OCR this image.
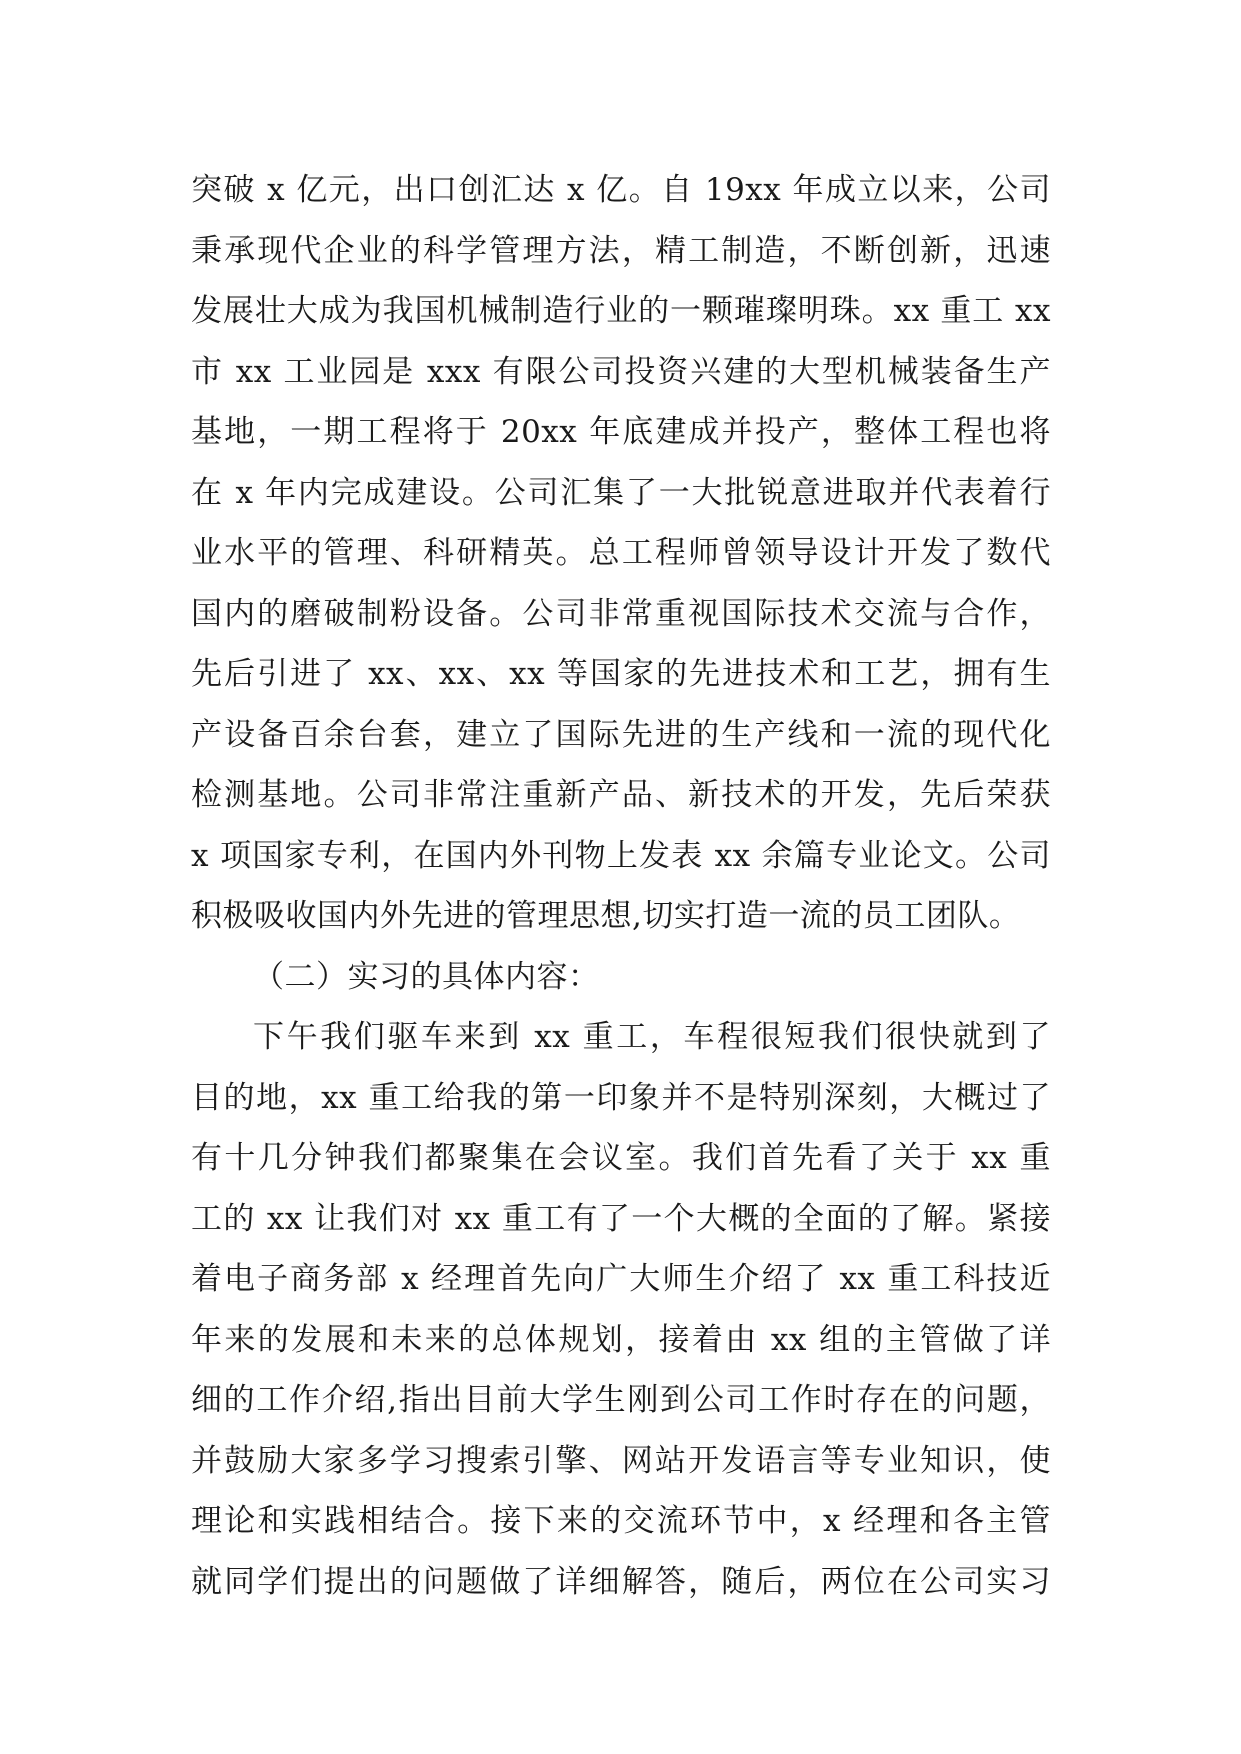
突破 x 亿元，出口创汇达 x 亿。自 19xx 年成立以来，公司
秉承现代企业的科学管理方法，精工制造，不断创新，迅速
发展壮大成为我国机械制造行业的一颗璀璨明珠。xx 重工 xx
市 xx 工业园是 xxx 有限公司投资兴建的大型机械装备生产
基地，一期工程将于 20xx 年底建成并投产，整体工程也将
在 x 年内完成建设。公司汇集了一大批锐意进取并代表着行
业水平的管理、科研精英。总工程师曾领导设计开发了数代
国内的磨破制粉设备。公司非常重视国际技术交流与合作，
先后引进了 xx、xx、xx 等国家的先进技术和工艺，拥有生
产设备百余台套，建立了国际先进的生产线和一流的现代化
检测基地。公司非常注重新产品、新技术的开发，先后荣获
x 项国家专利，在国内外刊物上发表 xx 余篇专业论文。公司
积极吸收国内外先进的管理思想,切实打造一流的员工团队。
（二）实习的具体内容：
下午我们驱车来到 xx 重工，车程很短我们很快就到了
目的地，xx 重工给我的第一印象并不是特别深刻，大概过了
有十几分钟我们都聚集在会议室。我们首先看了关于 xx 重
工的 xx 让我们对 xx 重工有了一个大概的全面的了解。紧接
着电子商务部 x 经理首先向广大师生介绍了 xx 重工科技近
年来的发展和未来的总体规划，接着由 xx 组的主管做了详
细的工作介绍,指出目前大学生刚到公司工作时存在的问题，
并鼓励大家多学习搜索引擎、网站开发语言等专业知识，使
理论和实践相结合。接下来的交流环节中，x 经理和各主管
就同学们提出的问题做了详细解答，随后，两位在公司实习
